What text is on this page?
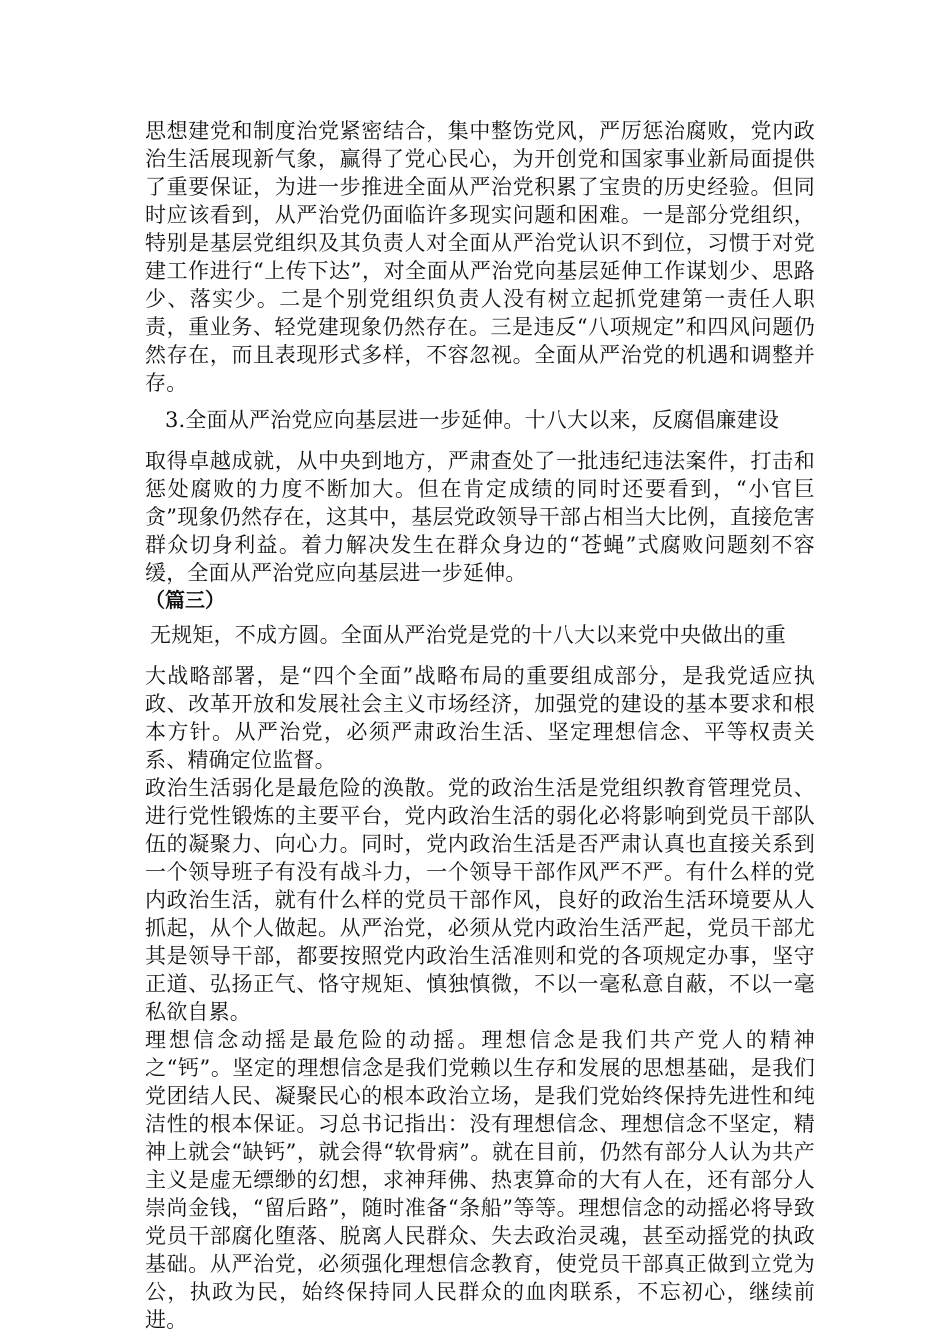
思想建党和制度治党紧密结合，集中整饬党风，严厉惩治腐败，党内政治生活展现新气象，赢得了党心民心，为开创党和国家事业新局面提供了重要保证，为进一步推进全面从严治党积累了宝贵的历史经验。但同时应该看到，从严治党仍面临许多现实问题和困难。一是部分党组织，特别是基层党组织及其负责人对全面从严治党认识不到位，习惯于对党建工作进行“上传下达”，对全面从严治党向基层延伸工作谋划少、思路少、落实少。二是个别党组织负责人没有树立起抓党建第一责任人职责，重业务、轻党建现象仍然存在。三是违反“八项规定”和四风问题仍然存在，而且表现形式多样，不容忽视。全面从严治党的机遇和调整并存。

3.全面从严治党应向基层进一步延伸。十八大以来，反腐倡廉建设
取得卓越成就，从中央到地方，严肃查处了一批违纪违法案件，打击和惩处腐败的力度不断加大。但在肯定成绩的同时还要看到，“小官巨贪”现象仍然存在，这其中，基层党政领导干部占相当大比例，直接危害群众切身利益。着力解决发生在群众身边的“苍蝇”式腐败问题刻不容缓，全面从严治党应向基层进一步延伸。

（篇三）

无规矩，不成方圆。全面从严治党是党的十八大以来党中央做出的重
大战略部署，是“四个全面”战略布局的重要组成部分，是我党适应执政、改革开放和发展社会主义市场经济，加强党的建设的基本要求和根本方针。从严治党，必须严肃政治生活、坚定理想信念、平等权责关系、精确定位监督。

政治生活弱化是最危险的涣散。党的政治生活是党组织教育管理党员、进行党性锻炼的主要平台，党内政治生活的弱化必将影响到党员干部队伍的凝聚力、向心力。同时，党内政治生活是否严肃认真也直接关系到一个领导班子有没有战斗力，一个领导干部作风严不严。有什么样的党内政治生活，就有什么样的党员干部作风，良好的政治生活环境要从人抓起，从个人做起。从严治党，必须从党内政治生活严起，党员干部尤其是领导干部，都要按照党内政治生活准则和党的各项规定办事，坚守正道、弘扬正气、恪守规矩、慎独慎微，不以一毫私意自蔽，不以一毫私欲自累。

理想信念动摇是最危险的动摇。理想信念是我们共产党人的精神之“钙”。坚定的理想信念是我们党赖以生存和发展的思想基础，是我们党团结人民、凝聚民心的根本政治立场，是我们党始终保持先进性和纯洁性的根本保证。习总书记指出：没有理想信念、理想信念不坚定，精神上就会“缺钙”，就会得“软骨病”。就在目前，仍然有部分人认为共产主义是虚无缥缈的幻想，求神拜佛、热衷算命的大有人在，还有部分人崇尚金钱，“留后路”，随时准备“条船”等等。理想信念的动摇必将导致党员干部腐化堕落、脱离人民群众、失去政治灵魂，甚至动摇党的执政基础。从严治党，必须强化理想信念教育，使党员干部真正做到立党为公，执政为民，始终保持同人民群众的血肉联系，不忘初心，继续前进。
